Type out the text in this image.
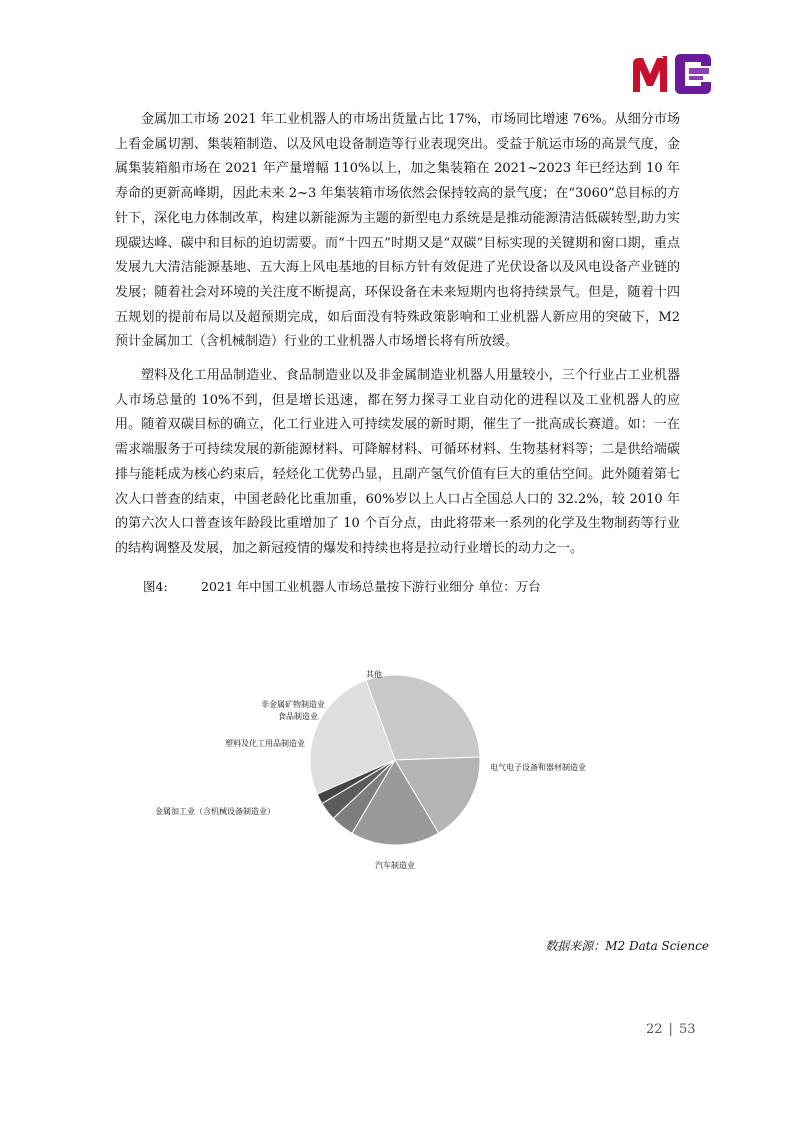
金属加工市场 2021 年工业机器人的市场出货量占比 17%，市场同比增速 76%。从细分市场上看金属切割、集装箱制造、以及风电设备制造等行业表现突出。受益于航运市场的高景气度，金属集装箱船市场在 2021 年产量增幅 110%以上，加之集装箱在 2021~2023 年已经达到 10 年寿命的更新高峰期，因此未来 2~3 年集装箱市场依然会保持较高的景气度；在“3060”总目标的方针下，深化电力体制改革，构建以新能源为主题的新型电力系统是是推动能源清洁低碳转型,助力实现碳达峰、碳中和目标的迫切需要。而“十四五”时期又是“双碳”目标实现的关键期和窗口期，重点发展九大清洁能源基地、五大海上风电基地的目标方针有效促进了光伏设备以及风电设备产业链的发展；随着社会对环境的关注度不断提高，环保设备在未来短期内也将持续景气。但是，随着十四五规划的提前布局以及超预期完成，如后面没有特殊政策影响和工业机器人新应用的突破下，M2 预计金属加工（含机械制造）行业的工业机器人市场增长将有所放缓。

塑料及化工用品制造业、食品制造业以及非金属制造业机器人用量较小，三个行业占工业机器人市场总量的 10%不到，但是增长迅速，都在努力探寻工业自动化的进程以及工业机器人的应用。随着双碳目标的确立，化工行业进入可持续发展的新时期，催生了一批高成长赛道。如：一在需求端服务于可持续发展的新能源材料、可降解材料、可循环材料、生物基材料等；二是供给端碳排与能耗成为核心约束后，轻烃化工优势凸显，且副产氢气价值有巨大的重估空间。此外随着第七次人口普查的结束，中国老龄化比重加重，60%岁以上人口占全国总人口的 32.2%，较 2010 年的第六次人口普查该年龄段比重增加了 10 个百分点，由此将带来一系列的化学及生物制药等行业的结构调整及发展，加之新冠疫情的爆发和持续也将是拉动行业增长的动力之一。

图4:	2021 年中国工业机器人市场总量按下游行业细分 单位：万台
电气电子设备和器材制造业
汽车制造业
金属加工业（含机械设备制造业）
塑料及化工用品制造业
食品制造业
非金属矿物制造业
其他
数据来源：M2 Data Science
22 | 53
